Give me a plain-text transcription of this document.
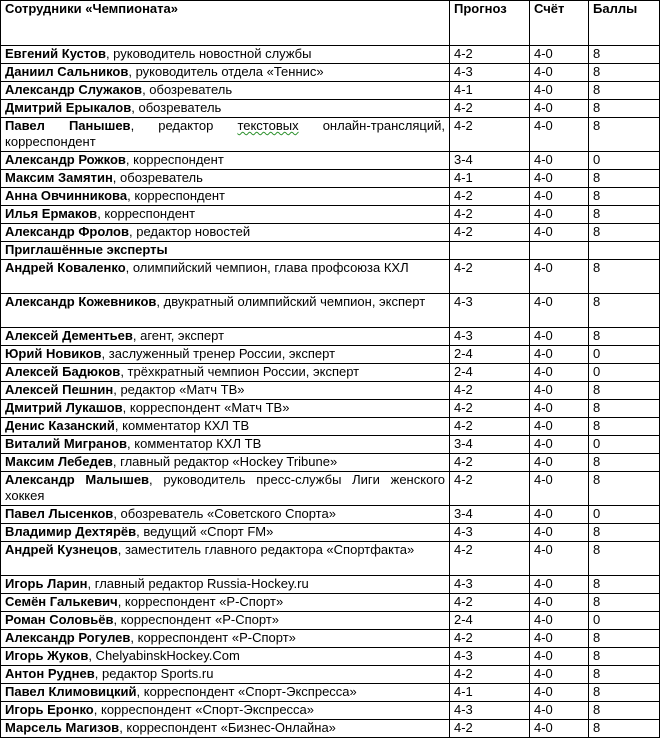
Сотрудники «Чемпионата»	Прогноз	Счёт	Баллы
Евгений Кустов, руководитель новостной службы	4-2	4-0	8
Даниил Сальников, руководитель отдела «Теннис»	4-3	4-0	8
Александр Служаков, обозреватель	4-1	4-0	8
Дмитрий Ерыкалов, обозреватель	4-2	4-0	8
Павел Панышев, редактор текстовых онлайн-трансляций, корреспондент	4-2	4-0	8
Александр Рожков, корреспондент	3-4	4-0	0
Максим Замятин, обозреватель	4-1	4-0	8
Анна Овчинникова, корреспондент	4-2	4-0	8
Илья Ермаков, корреспондент	4-2	4-0	8
Александр Фролов, редактор новостей	4-2	4-0	8
Приглашённые эксперты			
Андрей Коваленко, олимпийский чемпион, глава профсоюза КХЛ	4-2	4-0	8
Александр Кожевников, двукратный олимпийский чемпион, эксперт	4-3	4-0	8
Алексей Дементьев, агент, эксперт	4-3	4-0	8
Юрий Новиков, заслуженный тренер России, эксперт	2-4	4-0	0
Алексей Бадюков, трёхкратный чемпион России, эксперт	2-4	4-0	0
Алексей Пешнин, редактор «Матч ТВ»	4-2	4-0	8
Дмитрий Лукашов, корреспондент «Матч ТВ»	4-2	4-0	8
Денис Казанский, комментатор КХЛ ТВ	4-2	4-0	8
Виталий Мигранов, комментатор КХЛ ТВ	3-4	4-0	0
Максим Лебедев, главный редактор «Hockey Tribune»	4-2	4-0	8
Александр Малышев, руководитель пресс-службы Лиги женского хоккея	4-2	4-0	8
Павел Лысенков, обозреватель «Советского Спорта»	3-4	4-0	0
Владимир Дехтярёв, ведущий «Спорт FM»	4-3	4-0	8
Андрей Кузнецов, заместитель главного редактора «Спортфакта»	4-2	4-0	8
Игорь Ларин, главный редактор Russia-Hockey.ru	4-3	4-0	8
Семён Галькевич, корреспондент «Р-Спорт»	4-2	4-0	8
Роман Соловьёв, корреспондент «Р-Спорт»	2-4	4-0	0
Александр Рогулев, корреспондент «Р-Спорт»	4-2	4-0	8
Игорь Жуков, ChelyabinskHockey.Com	4-3	4-0	8
Антон Руднев, редактор Sports.ru	4-2	4-0	8
Павел Климовицкий, корреспондент «Спорт-Экспресса»	4-1	4-0	8
Игорь Еронко, корреспондент «Спорт-Экспресса»	4-3	4-0	8
Марсель Магизов, корреспондент «Бизнес-Онлайна»	4-2	4-0	8
